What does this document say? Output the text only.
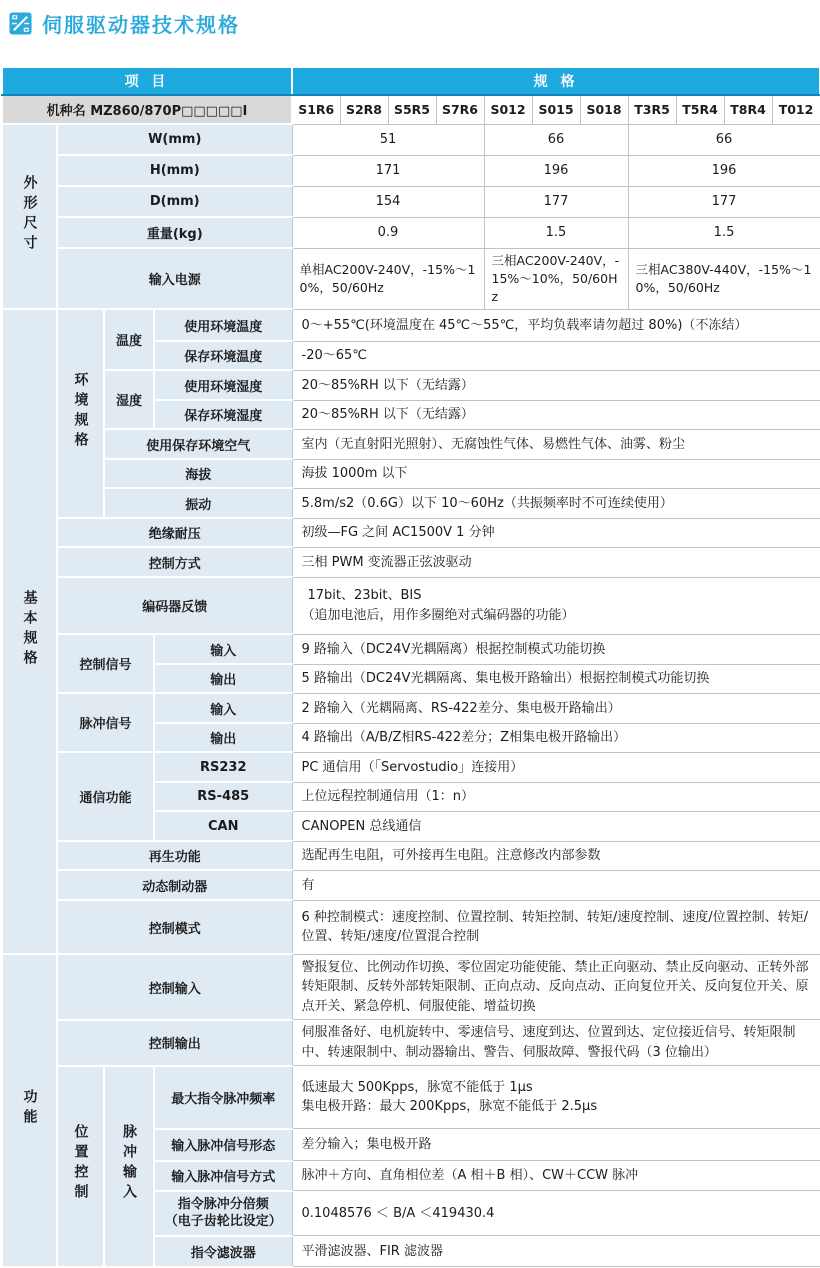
伺服驱动器技术规格
项 目				规 格										
机种名 MZ860/870P□□□□□I				S1R6	S2R8	S5R5	S7R6	S012	S015	S018	T3R5	T5R4	T8R4	T012
外形尺寸	W(mm)			51				66			66			
	H(mm)			171				196			196			
	D(mm)			154				177			177			
	重量(kg)			0.9				1.5			1.5			
	输入电源			单相AC200V-240V，-15%～10%，50/60Hz				三相AC200V-240V，-15%～10%，50/60Hz			三相AC380V-440V，-15%～10%，50/60Hz			
基本规格	环境规格	温度	使用环境温度	0～+55℃(环境温度在 45℃～55℃，平均负载率请勿超过 80%)（不冻结）										
			保存环境温度	-20～65℃										
		湿度	使用环境湿度	20～85%RH 以下（无结露）										
			保存环境湿度	20～85%RH 以下（无结露）										
		使用保存环境空气		室内（无直射阳光照射）、无腐蚀性气体、易燃性气体、油雾、粉尘										
		海拔		海拔 1000m 以下										
		振动		5.8m/s2（0.6G）以下 10～60Hz（共振频率时不可连续使用）										
	绝缘耐压			初级—FG 之间 AC1500V 1 分钟										
	控制方式			三相 PWM 变流器正弦波驱动										
	编码器反馈			17bit、23bit、BIS
（追加电池后，用作多圈绝对式编码器的功能）										

	控制信号		输入	9 路输入（DC24V光耦隔离）根据控制模式功能切换										
			输出	5 路输出（DC24V光耦隔离、集电极开路输出）根据控制模式功能切换										
	脉冲信号		输入	2 路输入（光耦隔离、RS-422差分、集电极开路输出）										
			输出	4 路输出（A/B/Z相RS-422差分；Z相集电极开路输出）										
	通信功能		RS232	PC 通信用（「Servostudio」连接用）										
			RS-485	上位远程控制通信用（1：n）										
			CAN	CANOPEN 总线通信										
	再生功能			选配再生电阻，可外接再生电阻。注意修改内部参数										
	动态制动器			有										
	控制模式			6 种控制模式：速度控制、位置控制、转矩控制、转矩/速度控制、速度/位置控制、转矩/位置、转矩/速度/位置混合控制										
功能	控制输入			警报复位、比例动作切换、零位固定功能使能、禁止正向驱动、禁止反向驱动、正转外部转矩限制、反转外部转矩限制、正向点动、反向点动、正向复位开关、反向复位开关、原点开关、紧急停机、伺服使能、增益切换										
	控制输出			伺服准备好、电机旋转中、零速信号、速度到达、位置到达、定位接近信号、转矩限制中、转速限制中、制动器输出、警告、伺服故障、警报代码（3 位输出）										
	位置控制	脉冲输入	最大指令脉冲频率	低速最大 500Kpps，脉宽不能低于 1μs
集电极开路：最大 200Kpps，脉宽不能低于 2.5μs										

			输入脉冲信号形态	差分输入；集电极开路										
			输入脉冲信号方式	脉冲＋方向、直角相位差（A 相＋B 相）、CW＋CCW 脉冲										

			指令脉冲分倍频
（电子齿轮比设定）	0.1048576 ＜ B/A ＜419430.4										
			指令滤波器	平滑滤波器、FIR 滤波器										
